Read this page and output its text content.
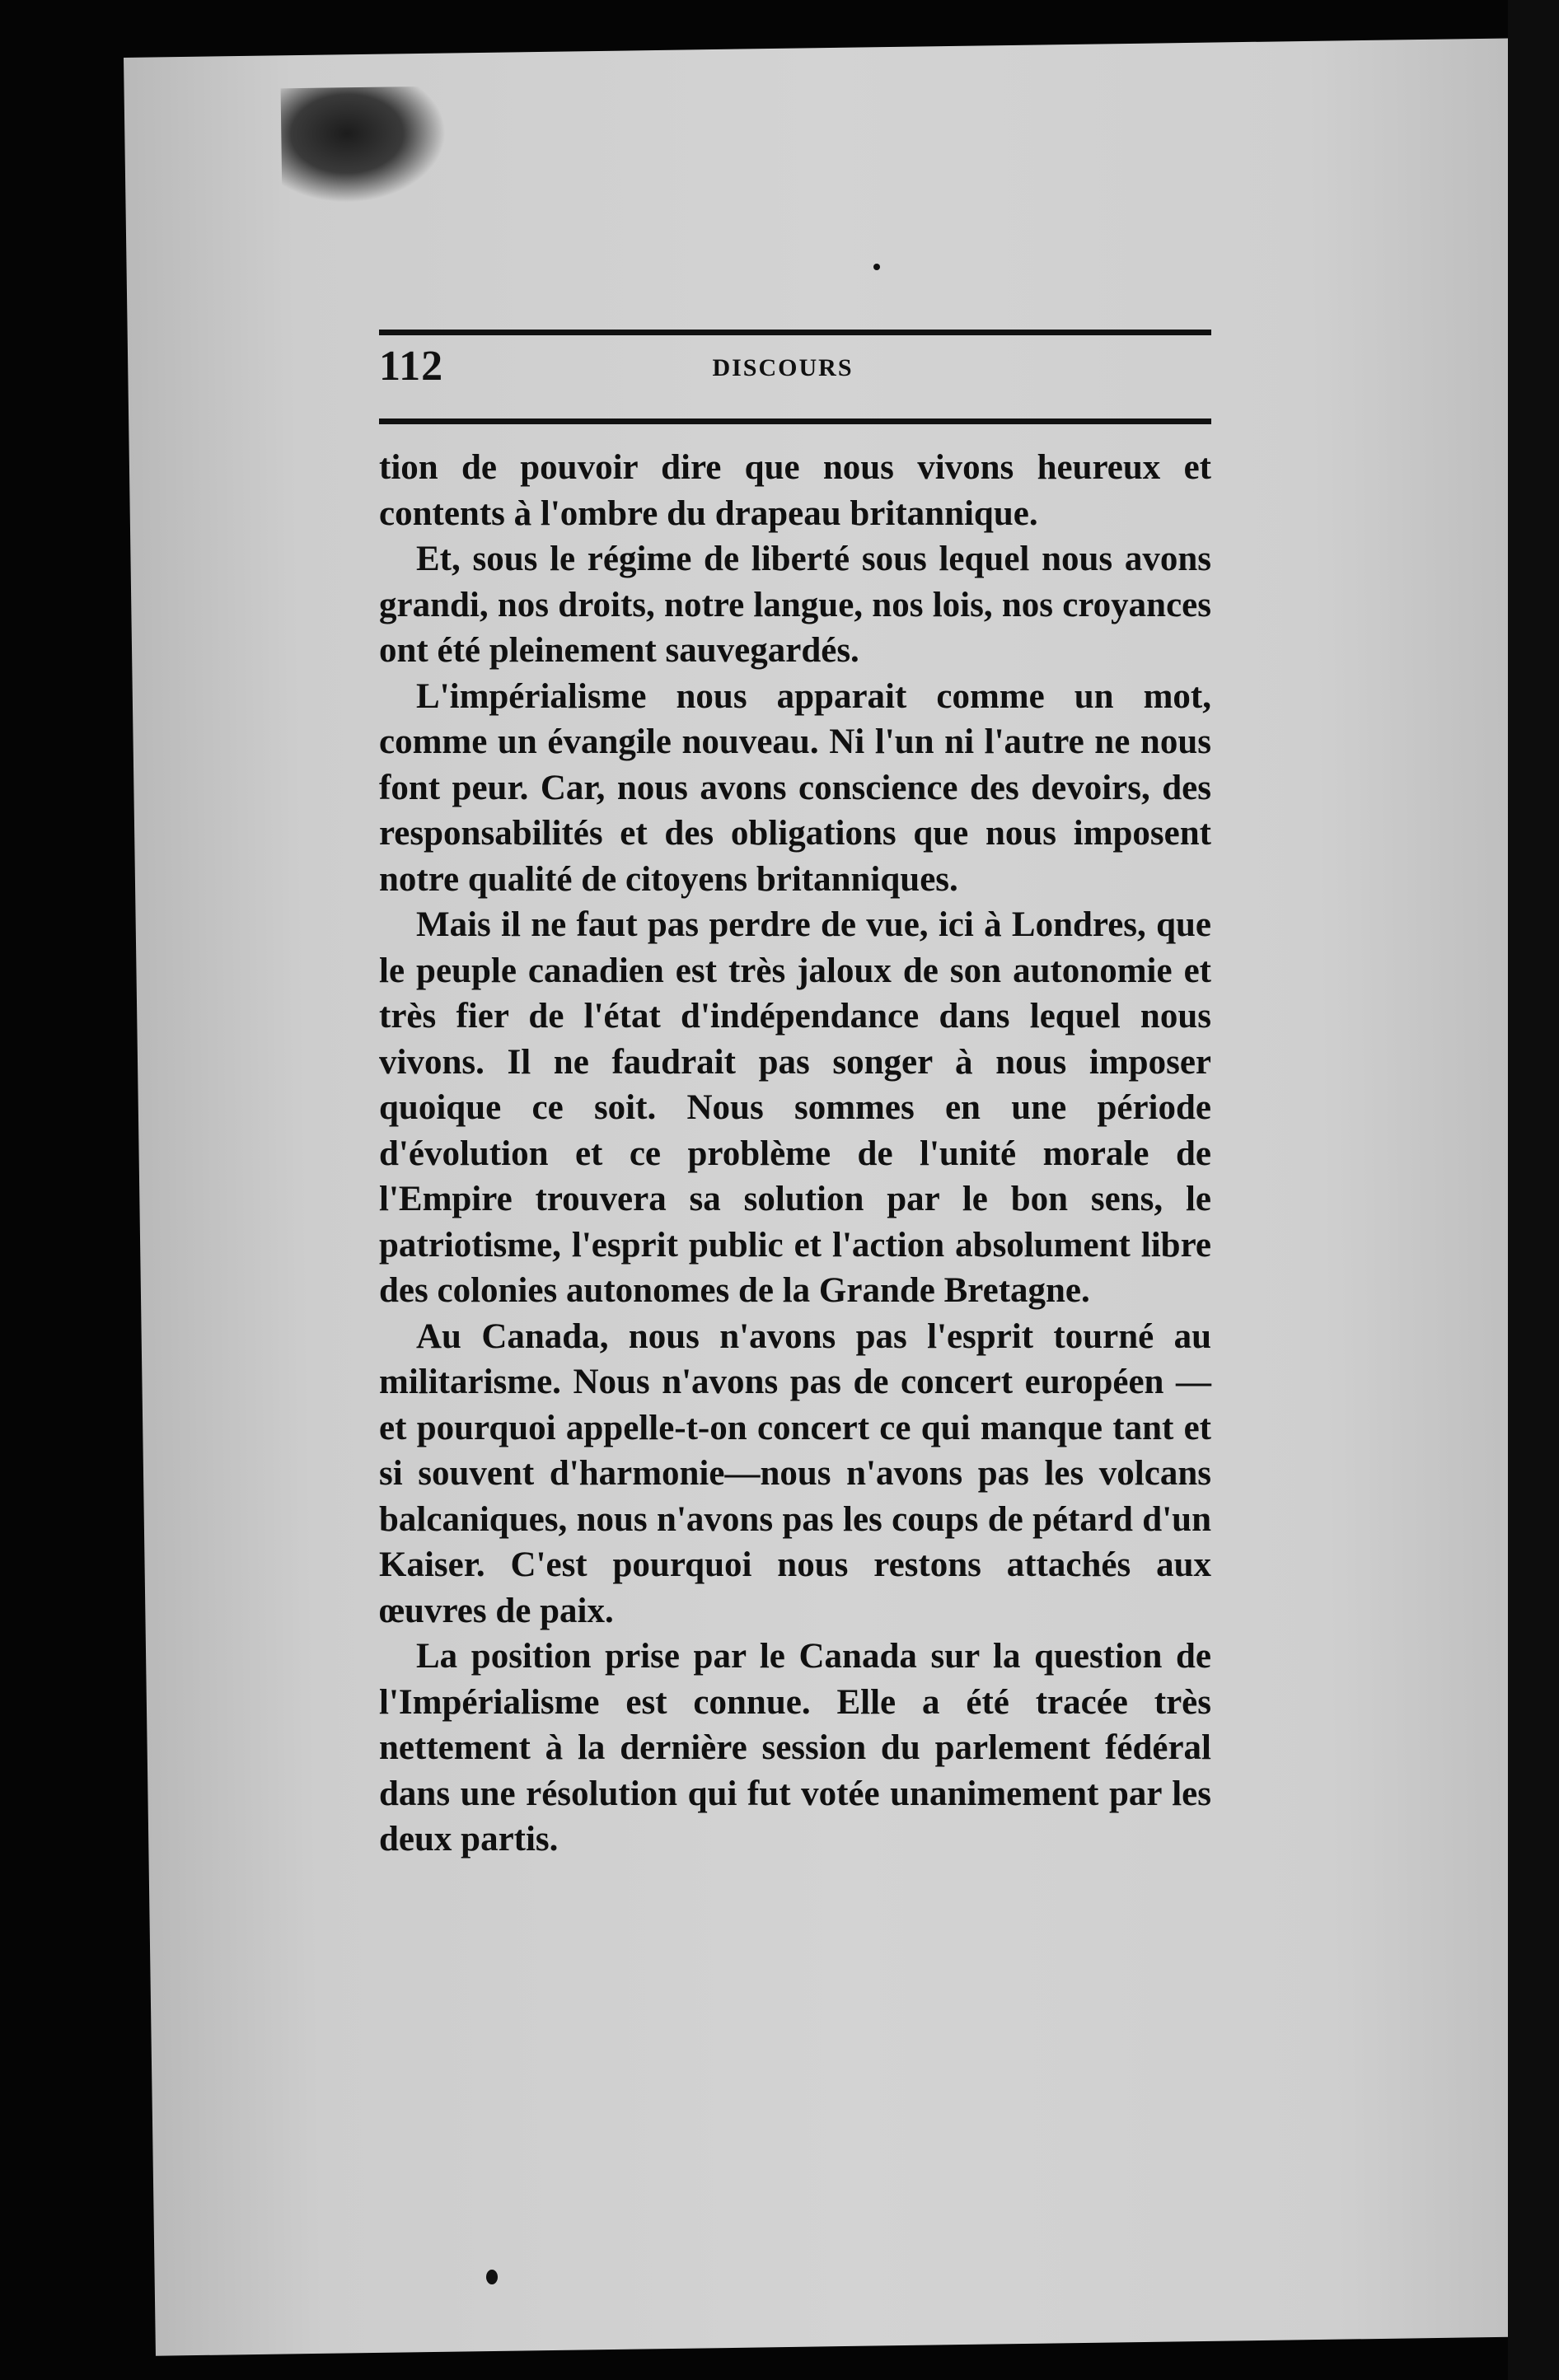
112	DISCOURS

tion de pouvoir dire que nous vivons heureux et contents à l'ombre du drapeau britannique.

Et, sous le régime de liberté sous lequel nous avons grandi, nos droits, notre langue, nos lois, nos croyances ont été pleinement sauvegardés.

L'impérialisme nous apparait comme un mot, comme un évangile nouveau. Ni l'un ni l'autre ne nous font peur. Car, nous avons conscience des devoirs, des responsabilités et des obligations que nous imposent notre qualité de citoyens britanniques.

Mais il ne faut pas perdre de vue, ici à Londres, que le peuple canadien est très jaloux de son autonomie et très fier de l'état d'indépendance dans lequel nous vivons. Il ne faudrait pas songer à nous imposer quoique ce soit. Nous sommes en une période d'évolution et ce problème de l'unité morale de l'Empire trouvera sa solution par le bon sens, le patriotisme, l'esprit public et l'action absolument libre des colonies autonomes de la Grande Bretagne.

Au Canada, nous n'avons pas l'esprit tourné au militarisme. Nous n'avons pas de concert européen —et pourquoi appelle-t-on concert ce qui manque tant et si souvent d'harmonie—nous n'avons pas les volcans balcaniques, nous n'avons pas les coups de pétard d'un Kaiser. C'est pourquoi nous restons attachés aux œuvres de paix.

La position prise par le Canada sur la question de l'Impérialisme est connue. Elle a été tracée très nettement à la dernière session du parlement fédéral dans une résolution qui fut votée unanimement par les deux partis.
